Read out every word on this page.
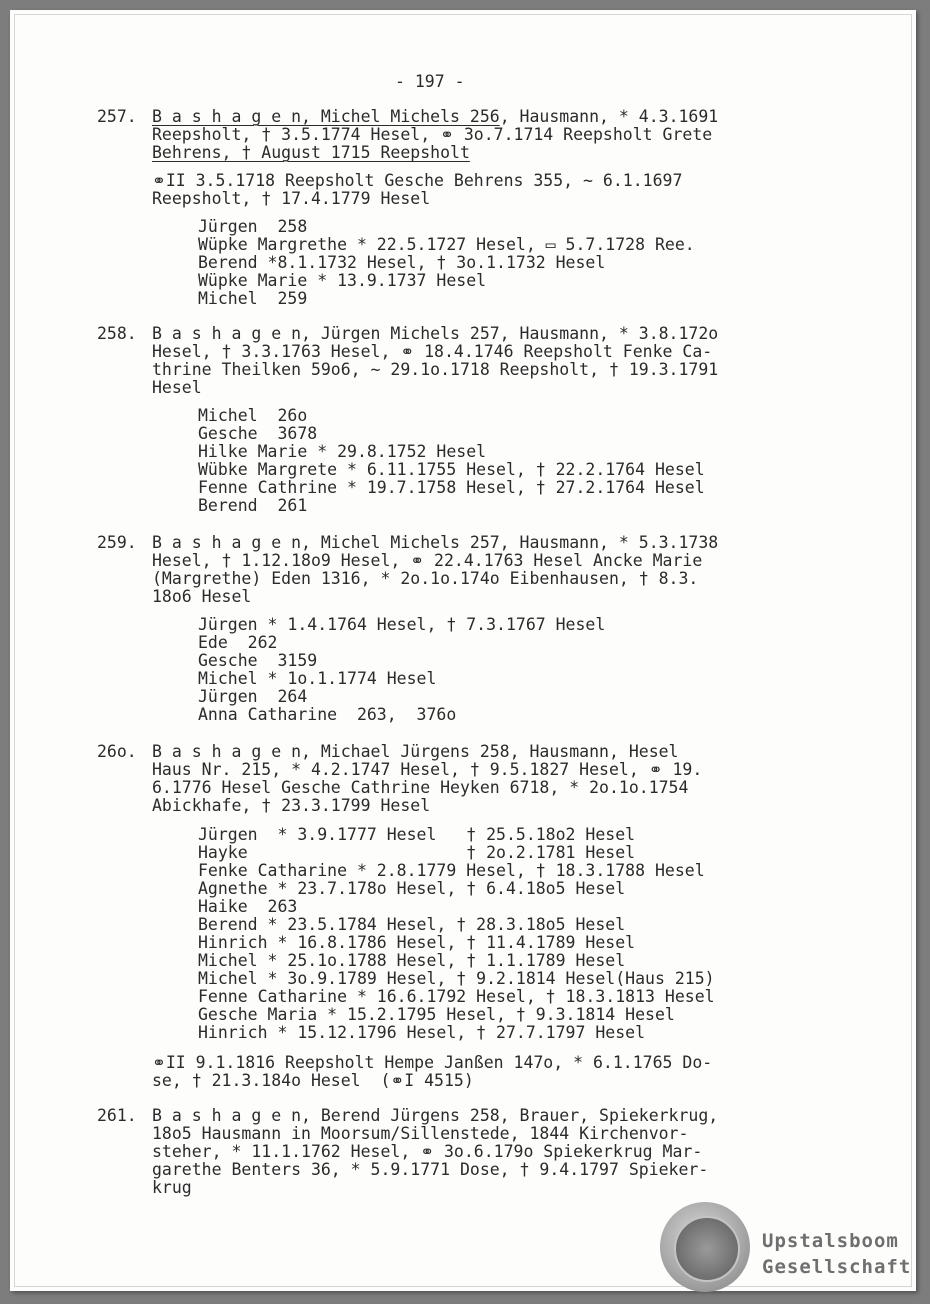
- 197 -
257. B a s h a g e n, Michel Michels 256, Hausmann, * 4.3.1691
Reepsholt, † 3.5.1774 Hesel, ⚭ 3o.7.1714 Reepsholt Grete
Behrens, † August 1715 Reepsholt
⚭II 3.5.1718 Reepsholt Gesche Behrens 355, ~ 6.1.1697
Reepsholt, † 17.4.1779 Hesel
Jürgen  258
Wüpke Margrethe * 22.5.1727 Hesel, ▭ 5.7.1728 Ree.
Berend *8.1.1732 Hesel, † 3o.1.1732 Hesel
Wüpke Marie * 13.9.1737 Hesel
Michel  259
258. B a s h a g e n, Jürgen Michels 257, Hausmann, * 3.8.172o
Hesel, † 3.3.1763 Hesel, ⚭ 18.4.1746 Reepsholt Fenke Ca-
thrine Theilken 59o6, ~ 29.1o.1718 Reepsholt, † 19.3.1791
Hesel
Michel  26o
Gesche  3678
Hilke Marie * 29.8.1752 Hesel
Wübke Margrete * 6.11.1755 Hesel, † 22.2.1764 Hesel
Fenne Cathrine * 19.7.1758 Hesel, † 27.2.1764 Hesel
Berend  261
259. B a s h a g e n, Michel Michels 257, Hausmann, * 5.3.1738
Hesel, † 1.12.18o9 Hesel, ⚭ 22.4.1763 Hesel Ancke Marie
(Margrethe) Eden 1316, * 2o.1o.174o Eibenhausen, † 8.3.
18o6 Hesel
Jürgen * 1.4.1764 Hesel, † 7.3.1767 Hesel
Ede  262
Gesche  3159
Michel * 1o.1.1774 Hesel
Jürgen  264
Anna Catharine  263,  376o
26o. B a s h a g e n, Michael Jürgens 258, Hausmann, Hesel
Haus Nr. 215, * 4.2.1747 Hesel, † 9.5.1827 Hesel, ⚭ 19.
6.1776 Hesel Gesche Cathrine Heyken 6718, * 2o.1o.1754
Abickhafe, † 23.3.1799 Hesel
Jürgen  * 3.9.1777 Hesel   † 25.5.18o2 Hesel
Hayke                      † 2o.2.1781 Hesel
Fenke Catharine * 2.8.1779 Hesel, † 18.3.1788 Hesel
Agnethe * 23.7.178o Hesel, † 6.4.18o5 Hesel
Haike  263
Berend * 23.5.1784 Hesel, † 28.3.18o5 Hesel
Hinrich * 16.8.1786 Hesel, † 11.4.1789 Hesel
Michel * 25.1o.1788 Hesel, † 1.1.1789 Hesel
Michel * 3o.9.1789 Hesel, † 9.2.1814 Hesel(Haus 215)
Fenne Catharine * 16.6.1792 Hesel, † 18.3.1813 Hesel
Gesche Maria * 15.2.1795 Hesel, † 9.3.1814 Hesel
Hinrich * 15.12.1796 Hesel, † 27.7.1797 Hesel
⚭II 9.1.1816 Reepsholt Hempe Janßen 147o, * 6.1.1765 Do-
se, † 21.3.184o Hesel  (⚭I 4515)
261. B a s h a g e n, Berend Jürgens 258, Brauer, Spiekerkrug,
18o5 Hausmann in Moorsum/Sillenstede, 1844 Kirchenvor-
steher, * 11.1.1762 Hesel, ⚭ 3o.6.179o Spiekerkrug Mar-
garethe Benters 36, * 5.9.1771 Dose, † 9.4.1797 Spieker-
krug
Upstalsboom
Gesellschaft
